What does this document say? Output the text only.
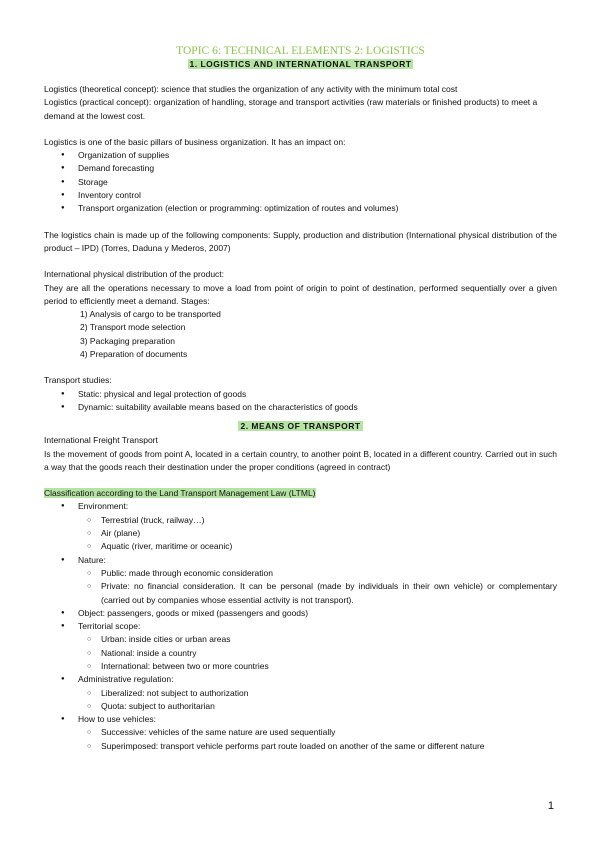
TOPIC 6: TECHNICAL ELEMENTS 2: LOGISTICS

1. LOGISTICS AND INTERNATIONAL TRANSPORT

Logistics (theoretical concept): science that studies the organization of any activity with the minimum total cost

Logistics (practical concept): organization of handling, storage and transport activities (raw materials or finished products) to meet a demand at the lowest cost.

Logistics is one of the basic pillars of business organization. It has an impact on:

● Organization of supplies
● Demand forecasting
● Storage
● Inventory control
● Transport organization (election or programming: optimization of routes and volumes)

The logistics chain is made up of the following components: Supply, production and distribution (International physical distribution of the product – IPD) (Torres, Daduna y Mederos, 2007)

International physical distribution of the product:

They are all the operations necessary to move a load from point of origin to point of destination, performed sequentially over a given period to efficiently meet a demand. Stages:

1) Analysis of cargo to be transported

2) Transport mode selection

3) Packaging preparation

4) Preparation of documents

Transport studies:

● Static: physical and legal protection of goods
● Dynamic: suitability available means based on the characteristics of goods

2. MEANS OF TRANSPORT

International Freight Transport

Is the movement of goods from point A, located in a certain country, to another point B, located in a different country. Carried out in such a way that the goods reach their destination under the proper conditions (agreed in contract)

Classification according to the Land Transport Management Law (LTML)

● Environment:
○ Terrestrial (truck, railway…)
○ Air (plane)
○ Aquatic (river, maritime or oceanic)
● Nature:
○ Public: made through economic consideration
○ Private: no financial consideration. It can be personal (made by individuals in their own vehicle) or complementary (carried out by companies whose essential activity is not transport).
● Object: passengers, goods or mixed (passengers and goods)
● Territorial scope:
○ Urban: inside cities or urban areas
○ National: inside a country
○ International: between two or more countries
● Administrative regulation:
○ Liberalized: not subject to authorization
○ Quota: subject to authoritarian
● How to use vehicles:
○ Successive: vehicles of the same nature are used sequentially
○ Superimposed: transport vehicle performs part route loaded on another of the same or different nature
1
